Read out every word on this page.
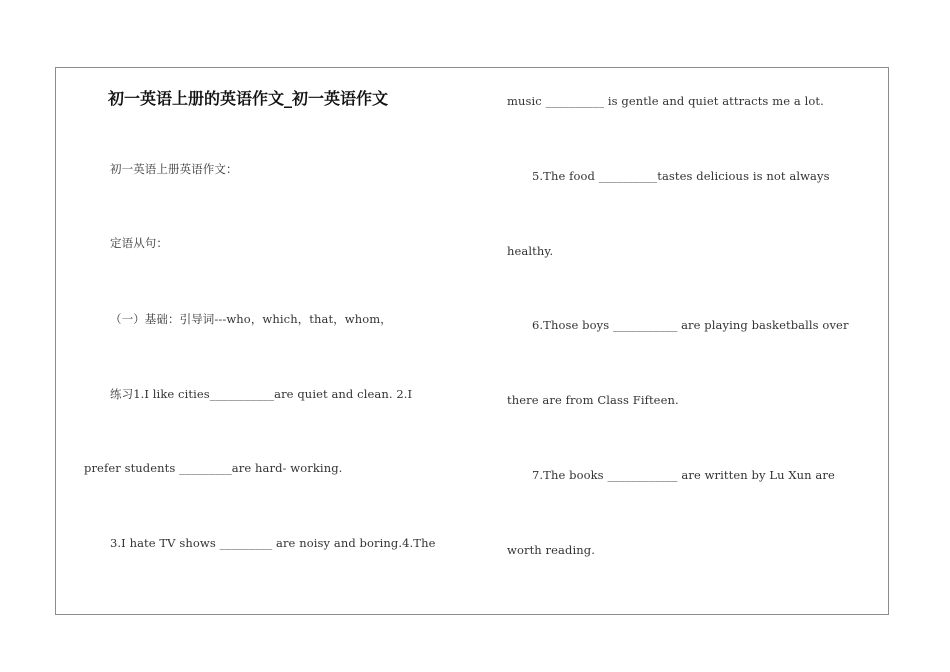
初一英语上册的英语作文_初一英语作文
初一英语上册英语作文：
定语从句：
（一）基础：引导词---who，which，that，whom，
练习1.I like cities___________are quiet and clean. 2.I
prefer students _________are hard- working.
3.I hate TV shows _________ are noisy and boring.4.The
music __________ is gentle and quiet attracts me a lot.
5.The food __________tastes delicious is not always
healthy.
6.Those boys ___________ are playing basketballs over
there are from Class Fifteen.
7.The books ____________ are written by Lu Xun are
worth reading.
